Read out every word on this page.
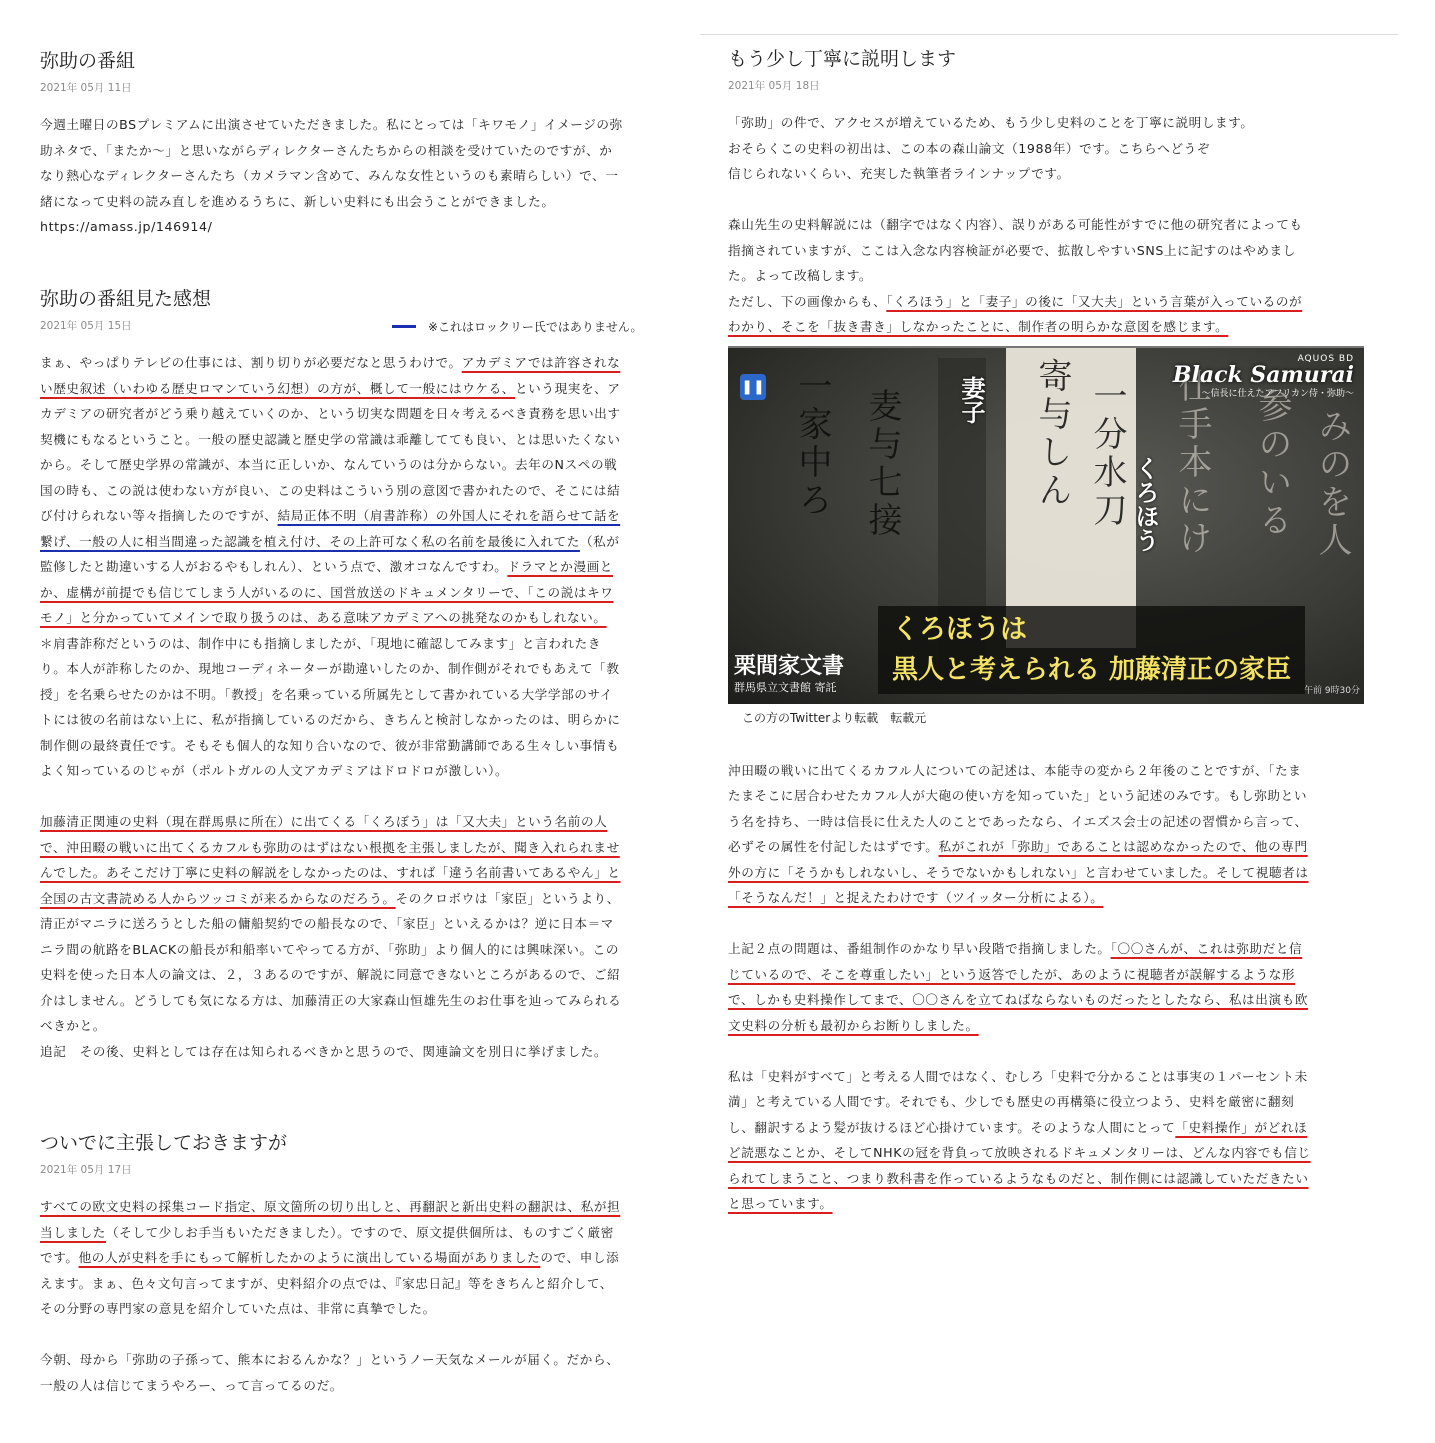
弥助の番組
2021年 05月 11日

今週土曜日のBSプレミアムに出演させていただきました。私にとっては「キワモノ」イメージの弥

助ネタで、「またか～」と思いながらディレクターさんたちからの相談を受けていたのですが、か

なり熱心なディレクターさんたち（カメラマン含めて、みんな女性というのも素晴らしい）で、一

緒になって史料の読み直しを進めるうちに、新しい史料にも出会うことができました。

https://amass.jp/146914/

弥助の番組見た感想
2021年 05月 15日

まぁ、やっぱりテレビの仕事には、割り切りが必要だなと思うわけで。アカデミアでは許容されな

い歴史叙述（いわゆる歴史ロマンていう幻想）の方が、概して一般にはウケる、という現実を、ア

カデミアの研究者がどう乗り越えていくのか、という切実な問題を日々考えるべき責務を思い出す

契機にもなるということ。一般の歴史認識と歴史学の常識は乖離してても良い、とは思いたくない

から。そして歴史学界の常識が、本当に正しいか、なんていうのは分からない。去年のNスペの戦

国の時も、この説は使わない方が良い、この史料はこういう別の意図で書かれたので、そこには結

び付けられない等々指摘したのですが、結局正体不明（肩書詐称）の外国人にそれを語らせて話を

繋げ、一般の人に相当間違った認識を植え付け、その上許可なく私の名前を最後に入れてた（私が

監修したと勘違いする人がおるやもしれん）、という点で、激オコなんですわ。ドラマとか漫画と

か、虚構が前提でも信じてしまう人がいるのに、国営放送のドキュメンタリーで、「この説はキワ

モノ」と分かっていてメインで取り扱うのは、ある意味アカデミアへの挑発なのかもしれない。

＊肩書詐称だというのは、制作中にも指摘しましたが、「現地に確認してみます」と言われたき

り。本人が詐称したのか、現地コーディネーターが勘違いしたのか、制作側がそれでもあえて「教

授」を名乗らせたのかは不明。「教授」を名乗っている所属先として書かれている大学学部のサイ

トには彼の名前はない上に、私が指摘しているのだから、きちんと検討しなかったのは、明らかに

制作側の最終責任です。そもそも個人的な知り合いなので、彼が非常勤講師である生々しい事情も

よく知っているのじゃが（ポルトガルの人文アカデミアはドロドロが激しい）。

加藤清正関連の史料（現在群馬県に所在）に出てくる「くろぼう」は「又大夫」という名前の人

で、沖田畷の戦いに出てくるカフルも弥助のはずはない根拠を主張しましたが、聞き入れられませ

んでした。あそこだけ丁寧に史料の解説をしなかったのは、すれば「違う名前書いてあるやん」と

全国の古文書読める人からツッコミが来るからなのだろう。そのクロボウは「家臣」というより、

清正がマニラに送ろうとした船の傭船契約での船長なので、「家臣」といえるかは？逆に日本＝マ

ニラ間の航路をBLACKの船長が和船率いてやってる方が、「弥助」より個人的には興味深い。この

史料を使った日本人の論文は、２，３あるのですが、解説に同意できないところがあるので、ご紹

介はしません。どうしても気になる方は、加藤清正の大家森山恒雄先生のお仕事を辿ってみられる

べきかと。

追記　その後、史料としては存在は知られるべきかと思うので、関連論文を別日に挙げました。

※これはロックリー氏ではありません。
ついでに主張しておきますが
2021年 05月 17日

すべての欧文史料の採集コード指定、原文箇所の切り出しと、再翻訳と新出史料の翻訳は、私が担

当しました（そして少しお手当もいただきました）。ですので、原文提供個所は、ものすごく厳密

です。他の人が史料を手にもって解析したかのように演出している場面がありましたので、申し添

えます。まぁ、色々文句言ってますが、史料紹介の点では、『家忠日記』等をきちんと紹介して、

その分野の専門家の意見を紹介していた点は、非常に真摯でした。

今朝、母から「弥助の子孫って、熊本におるんかな？」というノー天気なメールが届く。だから、

一般の人は信じてまうやろー、って言ってるのだ。

もう少し丁寧に説明します
2021年 05月 18日

「弥助」の件で、アクセスが増えているため、もう少し史料のことを丁寧に説明します。

おそらくこの史料の初出は、この本の森山論文（1988年）です。こちらへどうぞ

信じられないくらい、充実した執筆者ラインナップです。

森山先生の史料解説には（翻字ではなく内容）、誤りがある可能性がすでに他の研究者によっても

指摘されていますが、ここは入念な内容検証が必要で、拡散しやすいSNS上に記すのはやめまし

た。よって改稿します。

ただし、下の画像からも、「くろほう」と「妻子」の後に「又大夫」という言葉が入っているのが

わかり、そこを「抜き書き」しなかったことに、制作者の明らかな意図を感じます。

一家中ろ 麦与七接	寄与しん 一分水刀 仕手本にけ 参のいる みのを人
❚❚	妻子
くろほう
AQUOS BD
Black Samurai
～信長に仕えたアフリカン侍・弥助～
くろほうは
黒人と考えられる 加藤清正の家臣
栗間家文書
群馬県立文書館 寄託	午前 9時30分
この方のTwitterより転載　転載元

沖田畷の戦いに出てくるカフル人についての記述は、本能寺の変から２年後のことですが、「たま

たまそこに居合わせたカフル人が大砲の使い方を知っていた」という記述のみです。もし弥助とい

う名を持ち、一時は信長に仕えた人のことであったなら、イエズス会士の記述の習慣から言って、

必ずその属性を付記したはずです。私がこれが「弥助」であることは認めなかったので、他の専門

外の方に「そうかもしれないし、そうでないかもしれない」と言わせていました。そして視聴者は

「そうなんだ！」と捉えたわけです（ツイッター分析による）。

上記２点の問題は、番組制作のかなり早い段階で指摘しました。「〇〇さんが、これは弥助だと信

じているので、そこを尊重したい」という返答でしたが、あのように視聴者が誤解するような形

で、しかも史料操作してまで、〇〇さんを立てねばならないものだったとしたなら、私は出演も欧

文史料の分析も最初からお断りしました。

私は「史料がすべて」と考える人間ではなく、むしろ「史料で分かることは事実の１パーセント未

満」と考えている人間です。それでも、少しでも歴史の再構築に役立つよう、史料を厳密に翻刻

し、翻訳するよう髪が抜けるほど心掛けています。そのような人間にとって「史料操作」がどれほ

ど読悪なことか、そしてNHKの冠を背負って放映されるドキュメンタリーは、どんな内容でも信じ

られてしまうこと、つまり教科書を作っているようなものだと、制作側には認識していただきたい

と思っています。
